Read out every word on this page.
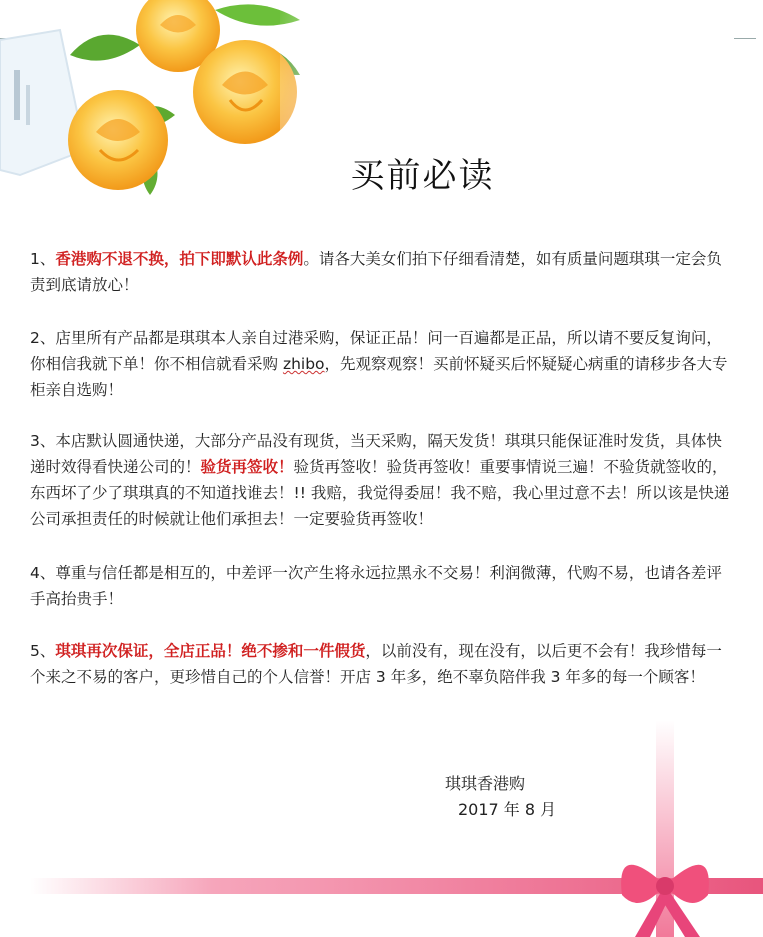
买前必读
1、香港购不退不换，拍下即默认此条例。请各大美女们拍下仔细看清楚，如有质量问题琪琪一定会负责到底请放心！
2、店里所有产品都是琪琪本人亲自过港采购，保证正品！问一百遍都是正品，所以请不要反复询问，你相信我就下单！你不相信就看采购 zhibo，先观察观察！买前怀疑买后怀疑疑心病重的请移步各大专柜亲自选购！
3、本店默认圆通快递，大部分产品没有现货，当天采购，隔天发货！琪琪只能保证准时发货，具体快递时效得看快递公司的！验货再签收！验货再签收！验货再签收！重要事情说三遍！不验货就签收的，东西坏了少了琪琪真的不知道找谁去！!! 我赔，我觉得委屈！我不赔，我心里过意不去！所以该是快递公司承担责任的时候就让他们承担去！一定要验货再签收！
4、尊重与信任都是相互的，中差评一次产生将永远拉黑永不交易！利润微薄，代购不易，也请各差评手高抬贵手！
5、琪琪再次保证，全店正品！绝不掺和一件假货，以前没有，现在没有，以后更不会有！我珍惜每一个来之不易的客户，更珍惜自己的个人信誉！开店 3 年多，绝不辜负陪伴我 3 年多的每一个顾客！
琪琪香港购
2017 年 8 月
